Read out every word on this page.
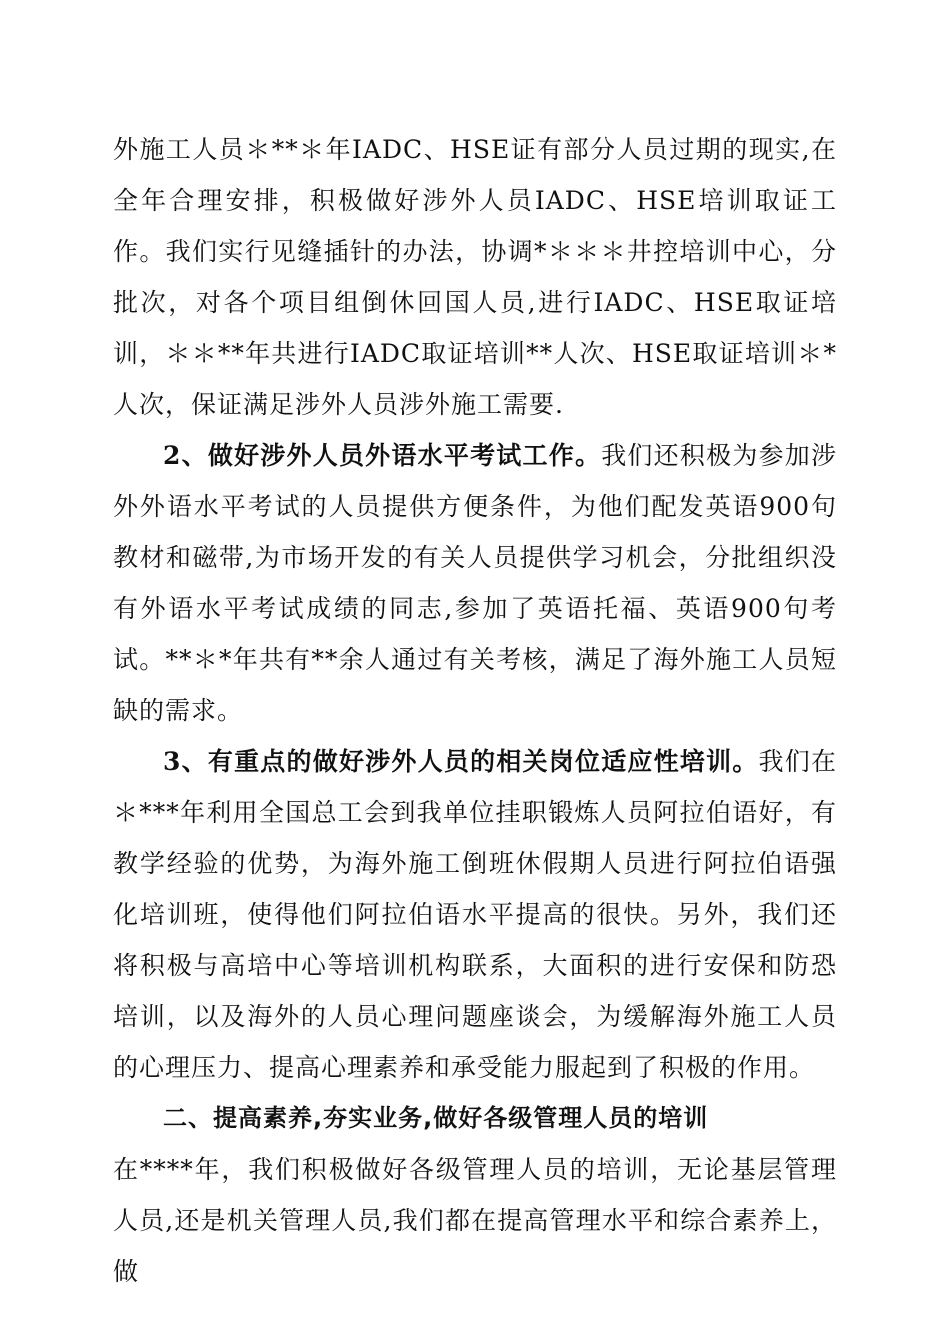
外施工人员＊**＊年IADC、HSE证有部分人员过期的现实,在全年合理安排，积极做好涉外人员IADC、HSE培训取证工作。我们实行见缝插针的办法，协调*＊＊＊井控培训中心，分批次，对各个项目组倒休回国人员,进行IADC、HSE取证培训，＊＊**年共进行IADC取证培训**人次、HSE取证培训＊*人次，保证满足涉外人员涉外施工需要.

2、做好涉外人员外语水平考试工作。我们还积极为参加涉外外语水平考试的人员提供方便条件，为他们配发英语900句教材和磁带,为市场开发的有关人员提供学习机会，分批组织没有外语水平考试成绩的同志,参加了英语托福、英语900句考试。**＊*年共有**余人通过有关考核，满足了海外施工人员短缺的需求。

3、有重点的做好涉外人员的相关岗位适应性培训。我们在＊***年利用全国总工会到我单位挂职锻炼人员阿拉伯语好，有教学经验的优势，为海外施工倒班休假期人员进行阿拉伯语强化培训班，使得他们阿拉伯语水平提高的很快。另外，我们还将积极与高培中心等培训机构联系，大面积的进行安保和防恐培训，以及海外的人员心理问题座谈会，为缓解海外施工人员的心理压力、提高心理素养和承受能力服起到了积极的作用。

二、提高素养,夯实业务,做好各级管理人员的培训

在****年，我们积极做好各级管理人员的培训，无论基层管理人员,还是机关管理人员,我们都在提高管理水平和综合素养上，做
